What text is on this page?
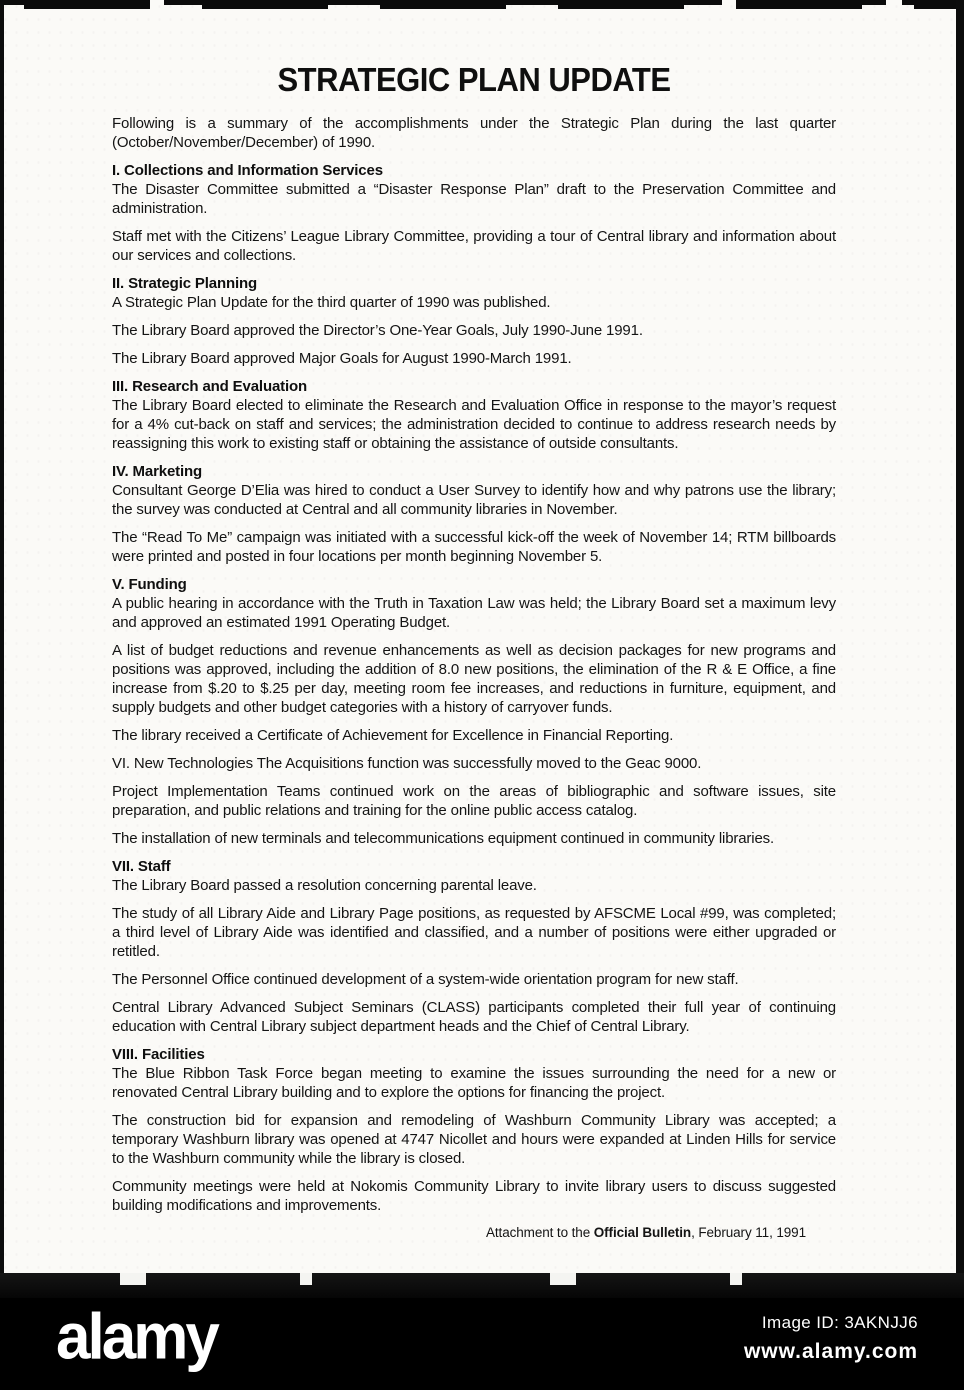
STRATEGIC PLAN UPDATE

Following is a summary of the accomplishments under the Strategic Plan during the last quarter (October/November/December) of 1990.

I. Collections and Information Services

The Disaster Committee submitted a “Disaster Response Plan” draft to the Preservation Committee and administration.

Staff met with the Citizens’ League Library Committee, providing a tour of Central library and information about our services and collections.

II. Strategic Planning

A Strategic Plan Update for the third quarter of 1990 was published.

The Library Board approved the Director’s One-Year Goals, July 1990-June 1991.

The Library Board approved Major Goals for August 1990-March 1991.

III. Research and Evaluation

The Library Board elected to eliminate the Research and Evaluation Office in response to the mayor’s request for a 4% cut-back on staff and services; the administration decided to continue to address research needs by reassigning this work to existing staff or obtaining the assistance of outside consultants.

IV. Marketing

Consultant George D’Elia was hired to conduct a User Survey to identify how and why patrons use the library; the survey was conducted at Central and all community libraries in November.

The “Read To Me” campaign was initiated with a successful kick-off the week of November 14; RTM billboards were printed and posted in four locations per month beginning November 5.

V. Funding

A public hearing in accordance with the Truth in Taxation Law was held; the Library Board set a maximum levy and approved an estimated 1991 Operating Budget.

A list of budget reductions and revenue enhancements as well as decision packages for new programs and positions was approved, including the addition of 8.0 new positions, the elimination of the R & E Office, a fine increase from $.20 to $.25 per day, meeting room fee increases, and reductions in furniture, equipment, and supply budgets and other budget categories with a history of carryover funds.

The library received a Certificate of Achievement for Excellence in Financial Reporting.

VI. New Technologies The Acquisitions function was successfully moved to the Geac 9000.

Project Implementation Teams continued work on the areas of bibliographic and software issues, site preparation, and public relations and training for the online public access catalog.

The installation of new terminals and telecommunications equipment continued in community libraries.

VII. Staff

The Library Board passed a resolution concerning parental leave.

The study of all Library Aide and Library Page positions, as requested by AFSCME Local #99, was completed; a third level of Library Aide was identified and classified, and a number of positions were either upgraded or retitled.

The Personnel Office continued development of a system-wide orientation program for new staff.

Central Library Advanced Subject Seminars (CLASS) participants completed their full year of continuing education with Central Library subject department heads and the Chief of Central Library.

VIII. Facilities

The Blue Ribbon Task Force began meeting to examine the issues surrounding the need for a new or renovated Central Library building and to explore the options for financing the project.

The construction bid for expansion and remodeling of Washburn Community Library was accepted; a temporary Washburn library was opened at 4747 Nicollet and hours were expanded at Linden Hills for service to the Washburn community while the library is closed.

Community meetings were held at Nokomis Community Library to invite library users to discuss suggested building modifications and improvements.

Attachment to the Official Bulletin, February 11, 1991
alamy	Image ID: 3AKNJJ6
www.alamy.com
